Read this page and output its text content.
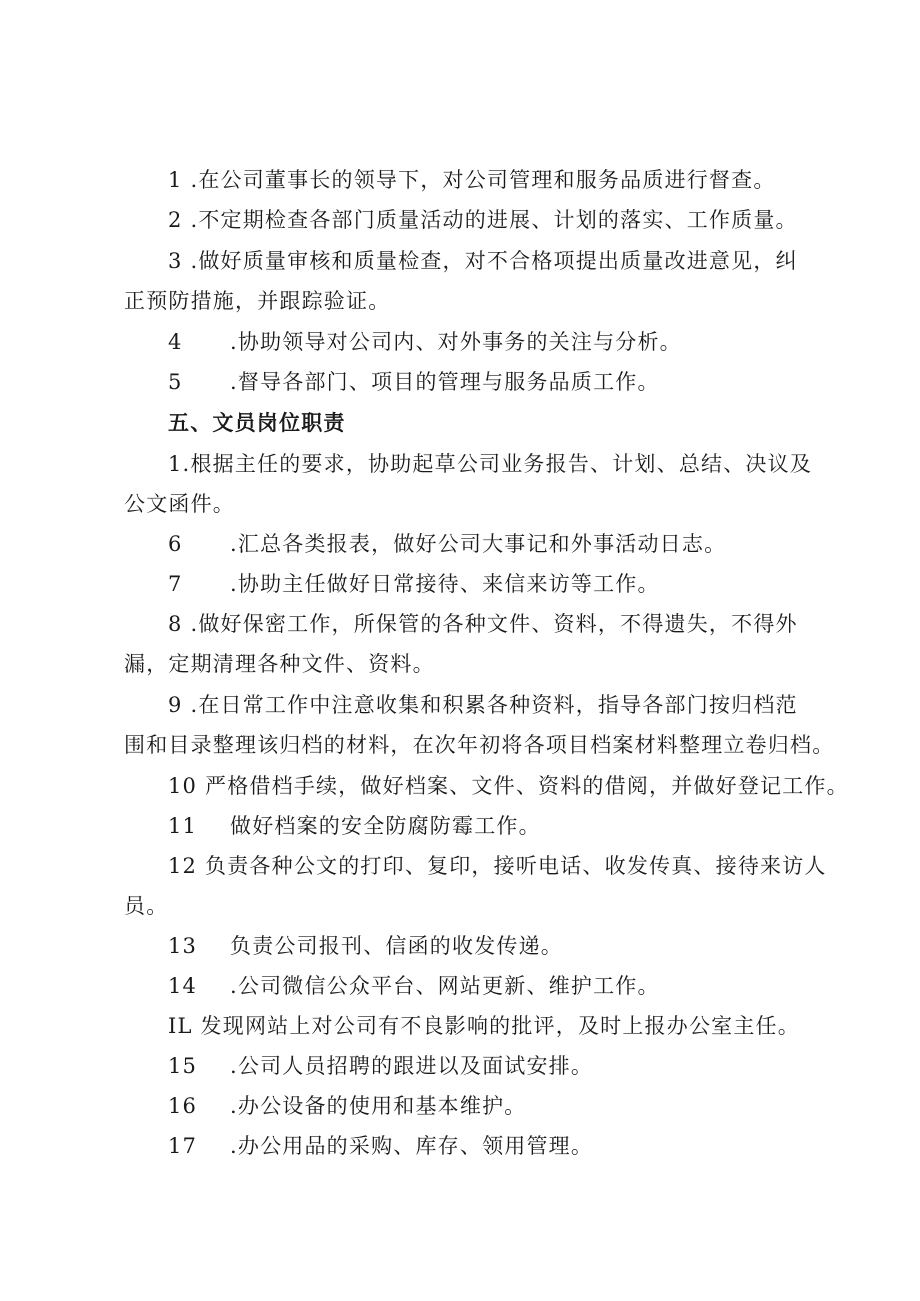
1 .在公司董事长的领导下，对公司管理和服务品质进行督查。
2 .不定期检查各部门质量活动的进展、计划的落实、工作质量。
3 .做好质量审核和质量检查，对不合格项提出质量改进意见，纠
正预防措施，并跟踪验证。
4 .协助领导对公司内、对外事务的关注与分析。
5 .督导各部门、项目的管理与服务品质工作。
五、文员岗位职责
1.根据主任的要求，协助起草公司业务报告、计划、总结、决议及
公文函件。
6 .汇总各类报表，做好公司大事记和外事活动日志。
7 .协助主任做好日常接待、来信来访等工作。
8 .做好保密工作，所保管的各种文件、资料，不得遗失，不得外
漏，定期清理各种文件、资料。
9 .在日常工作中注意收集和积累各种资料，指导各部门按归档范
围和目录整理该归档的材料，在次年初将各项目档案材料整理立卷归档。
10 严格借档手续，做好档案、文件、资料的借阅，并做好登记工作。
11 做好档案的安全防腐防霉工作。
12 负责各种公文的打印、复印，接听电话、收发传真、接待来访人
员。
13 负责公司报刊、信函的收发传递。
14 .公司微信公众平台、网站更新、维护工作。
IL 发现网站上对公司有不良影响的批评，及时上报办公室主任。
15 .公司人员招聘的跟进以及面试安排。
16 .办公设备的使用和基本维护。
17 .办公用品的采购、库存、领用管理。
